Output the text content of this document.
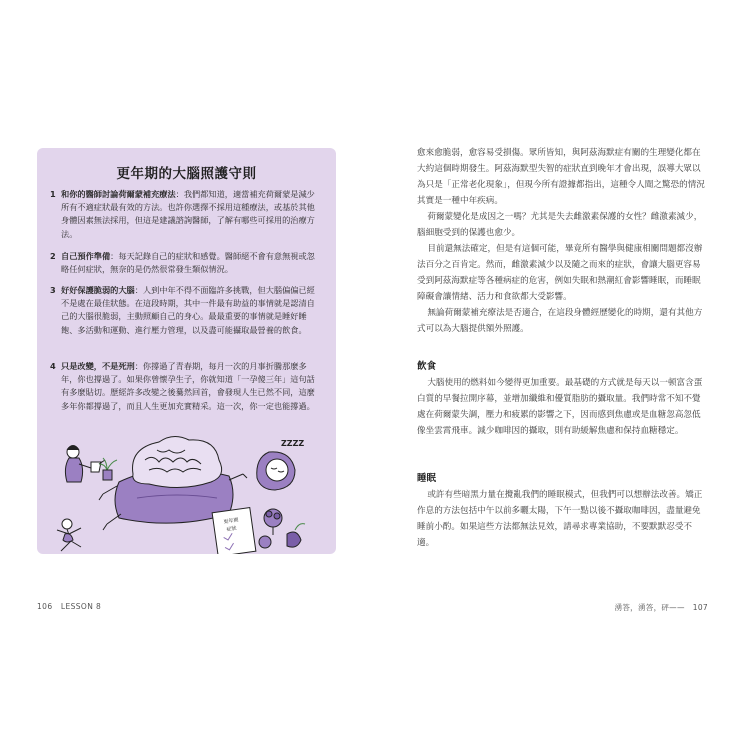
更年期的大腦照護守則
1 和你的醫師討論荷爾蒙補充療法：我們都知道，適當補充荷爾蒙是減少所有不適症狀最有效的方法。也許你選擇不採用這種療法，或基於其他身體因素無法採用，但這是建議諮詢醫師，了解有哪些可採用的治療方法。
2 自己預作準備：每天記錄自己的症狀和感覺。醫師絕不會有意無視或忽略任何症狀，無奈的是仍然很常發生類似情況。
3 好好保護脆弱的大腦：人到中年不得不面臨許多挑戰，但大腦偏偏已經不是處在最佳狀態。在這段時期，其中一件最有助益的事情就是認清自己的大腦很脆弱，主動照顧自己的身心。最最重要的事情就是睡好睡飽、多活動和運動、進行壓力管理，以及盡可能攝取最營養的飲食。
4 只是改變，不是死刑：你撐過了青春期，每月一次的月事折騰那麼多年，你也撐過了。如果你曾懷孕生子，你就知道「一孕傻三年」這句話有多麼貼切。歷經許多改變之後驀然回首，會發現人生已然不同，這麼多年你都撐過了，而且人生更加充實精采。這一次，你一定也能撐過。
ZZZZ
更年期
症狀
106 LESSON 8

愈來愈脆弱，愈容易受損傷。眾所皆知，與阿茲海默症有關的生理變化都在大約這個時期發生。阿茲海默型失智的症狀直到晚年才會出現，誤導大眾以為只是「正常老化現象」，但現今所有證據都指出，這種令人聞之驚恐的情況其實是一種中年疾病。

荷爾蒙變化是成因之一嗎？尤其是失去雌激素保護的女性？雌激素減少，腦細胞受到的保護也愈少。

目前還無法確定，但是有這個可能，畢竟所有醫學與健康相關問題都沒辦法百分之百肯定。然而，雌激素減少以及隨之而來的症狀，會讓大腦更容易受到阿茲海默症等各種病症的危害，例如失眠和熱潮紅會影響睡眠，而睡眠障礙會讓情緒、活力和食欲都大受影響。

無論荷爾蒙補充療法是否適合，在這段身體經歷變化的時期，還有其他方式可以為大腦提供額外照護。

飲食

大腦使用的燃料如今變得更加重要。最基礎的方式就是每天以一顿富含蛋白質的早餐拉開序幕，並增加纖維和優質脂肪的攝取量。我們時常不知不覺處在荷爾蒙失調，壓力和疲累的影響之下，因而感到焦慮或是血糖忽高忽低像坐雲霄飛車。減少咖啡因的攝取，則有助緩解焦慮和保持血糖穩定。

睡眠

或許有些暗黑力量在攪亂我們的睡眠模式，但我們可以想辦法改善。矯正作息的方法包括中午以前多曬太陽，下午一點以後不攝取咖啡因，盡量避免睡前小酌。如果這些方法都無法見效，請尋求專業協助，不要默默忍受不適。

湧答，湧答，砰—— 107
